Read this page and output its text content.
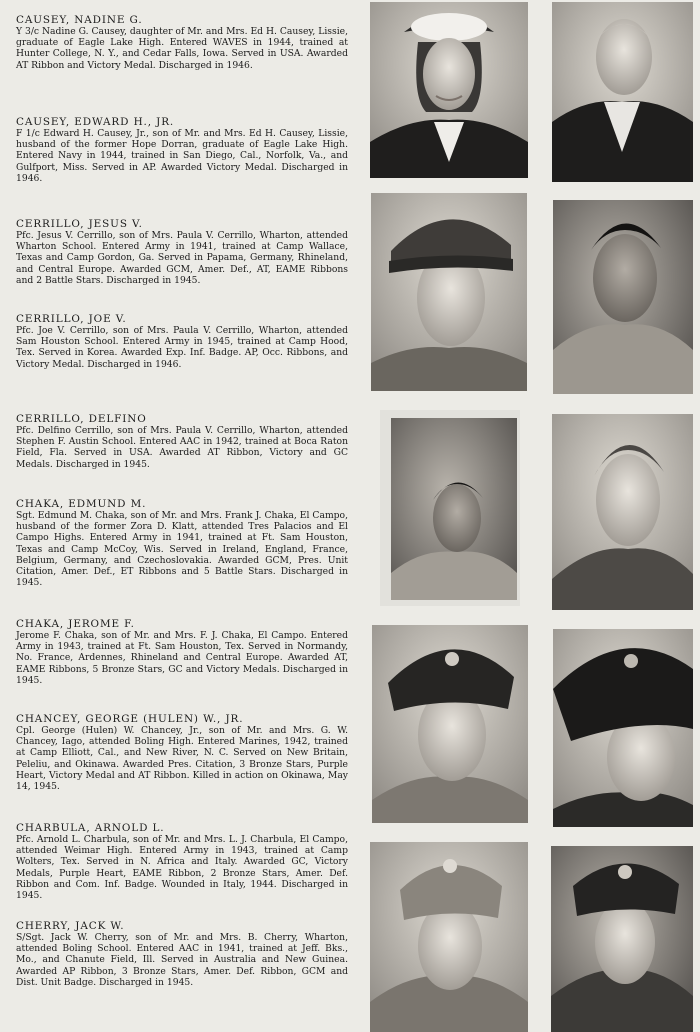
CAUSEY, NADINE G.

Y 3/c Nadine G. Causey, daughter of Mr. and Mrs. Ed H. Causey, Lissie, graduate of Eagle Lake High. Entered WAVES in 1944, trained at Hunter College, N. Y., and Cedar Falls, Iowa. Served in USA. Awarded AT Ribbon and Victory Medal. Discharged in 1946.

CAUSEY, EDWARD H., JR.

F 1/c Edward H. Causey, Jr., son of Mr. and Mrs. Ed H. Causey, Lissie, husband of the former Hope Dorran, graduate of Eagle Lake High. Entered Navy in 1944, trained in San Diego, Cal., Norfolk, Va., and Gulfport, Miss. Served in AP. Awarded Victory Medal. Discharged in 1946.

CERRILLO, JESUS V.

Pfc. Jesus V. Cerrillo, son of Mrs. Paula V. Cerrillo, Wharton, attended Wharton School. Entered Army in 1941, trained at Camp Wallace, Texas and Camp Gordon, Ga. Served in Papama, Germany, Rhineland, and Central Europe. Awarded GCM, Amer. Def., AT, EAME Ribbons and 2 Battle Stars. Discharged in 1945.

CERRILLO, JOE V.

Pfc. Joe V. Cerrillo, son of Mrs. Paula V. Cerrillo, Wharton, attended Sam Houston School. Entered Army in 1945, trained at Camp Hood, Tex. Served in Korea. Awarded Exp. Inf. Badge. AP, Occ. Ribbons, and Victory Medal. Discharged in 1946.

CERRILLO, DELFINO

Pfc. Delfino Cerrillo, son of Mrs. Paula V. Cerrillo, Wharton, attended Stephen F. Austin School. Entered AAC in 1942, trained at Boca Raton Field, Fla. Served in USA. Awarded AT Ribbon, Victory and GC Medals. Discharged in 1945.

CHAKA, EDMUND M.

Sgt. Edmund M. Chaka, son of Mr. and Mrs. Frank J. Chaka, El Campo, husband of the former Zora D. Klatt, attended Tres Palacios and El Campo Highs. Entered Army in 1941, trained at Ft. Sam Houston, Texas and Camp McCoy, Wis. Served in Ireland, England, France, Belgium, Germany, and Czechoslovakia. Awarded GCM, Pres. Unit Citation, Amer. Def., ET Ribbons and 5 Battle Stars. Discharged in 1945.

CHAKA, JEROME F.

Jerome F. Chaka, son of Mr. and Mrs. F. J. Chaka, El Campo. Entered Army in 1943, trained at Ft. Sam Houston, Tex. Served in Normandy, No. France, Ardennes, Rhineland and Central Europe. Awarded AT, EAME Ribbons, 5 Bronze Stars, GC and Victory Medals. Discharged in 1945.

CHANCEY, GEORGE (HULEN) W., JR.

Cpl. George (Hulen) W. Chancey, Jr., son of Mr. and Mrs. G. W. Chancey, Iago, attended Boling High. Entered Marines, 1942, trained at Camp Elliott, Cal., and New River, N. C. Served on New Britain, Peleliu, and Okinawa. Awarded Pres. Citation, 3 Bronze Stars, Purple Heart, Victory Medal and AT Ribbon. Killed in action on Okinawa, May 14, 1945.

CHARBULA, ARNOLD L.

Pfc. Arnold L. Charbula, son of Mr. and Mrs. L. J. Charbula, El Campo, attended Weimar High. Entered Army in 1943, trained at Camp Wolters, Tex. Served in N. Africa and Italy. Awarded GC, Victory Medals, Purple Heart, EAME Ribbon, 2 Bronze Stars, Amer. Def. Ribbon and Com. Inf. Badge. Wounded in Italy, 1944. Discharged in 1945.

CHERRY, JACK W.

S/Sgt. Jack W. Cherry, son of Mr. and Mrs. B. Cherry, Wharton, attended Boling School. Entered AAC in 1941, trained at Jeff. Bks., Mo., and Chanute Field, Ill. Served in Australia and New Guinea. Awarded AP Ribbon, 3 Bronze Stars, Amer. Def. Ribbon, GCM and Dist. Unit Badge. Discharged in 1945.
